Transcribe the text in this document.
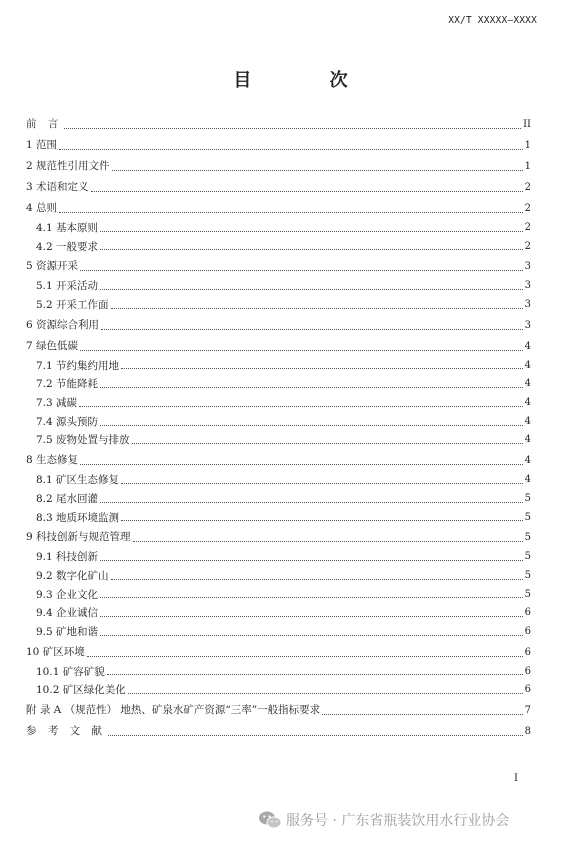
XX/T XXXXX—XXXX
目 次
前 言	II
1 范围	1
2 规范性引用文件	1
3 术语和定义	2
4 总则	2
4.1 基本原则	2
4.2 一般要求	2
5 资源开采	3
5.1 开采活动	3
5.2 开采工作面	3
6 资源综合利用	3
7 绿色低碳	4
7.1 节约集约用地	4
7.2 节能降耗	4
7.3 减碳	4
7.4 源头预防	4
7.5 废物处置与排放	4
8 生态修复	4
8.1 矿区生态修复	4
8.2 尾水回灌	5
8.3 地质环境监测	5
9 科技创新与规范管理	5
9.1 科技创新	5
9.2 数字化矿山	5
9.3 企业文化	5
9.4 企业诚信	6
9.5 矿地和谐	6
10 矿区环境	6
10.1 矿容矿貌	6
10.2 矿区绿化美化	6
附 录 A （规范性） 地热、矿泉水矿产资源“三率”一般指标要求	7
参 考 文 献	8
I
服务号 · 广东省瓶装饮用水行业协会
